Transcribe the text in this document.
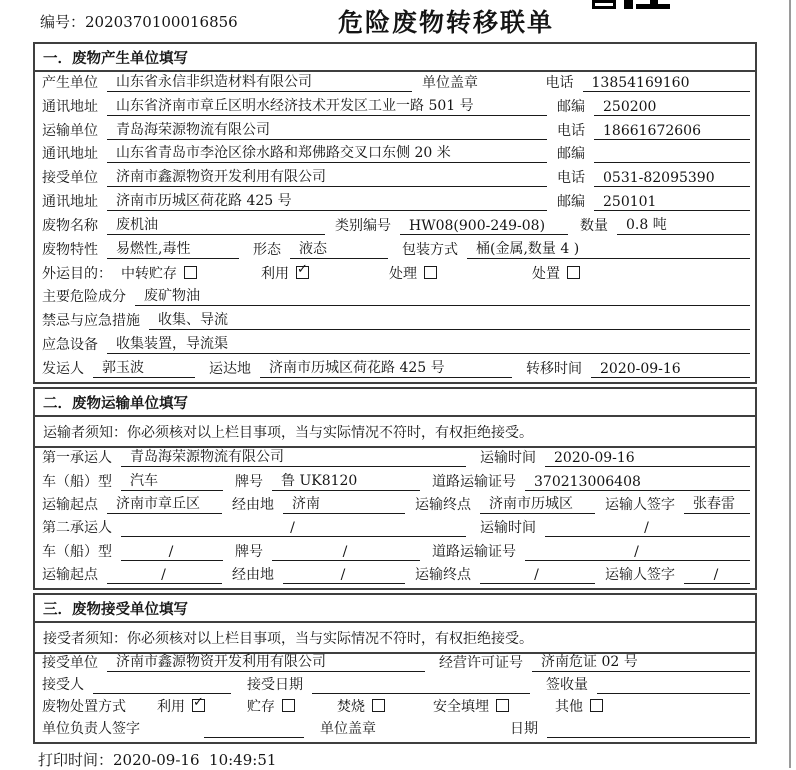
编号：2020370100016856	危险废物转移联单
一．废物产生单位填写
产生单位	山东省永信非织造材料有限公司	单位盖章	电话	13854169160
通讯地址	山东省济南市章丘区明水经济技术开发区工业一路 501 号	邮编	250200
运输单位	青岛海荣源物流有限公司	电话	18661672606
通讯地址	山东省青岛市李沧区徐水路和郑佛路交叉口东侧 20 米	邮编
接受单位	济南市鑫源物资开发利用有限公司	电话	0531-82095390
通讯地址	济南市历城区荷花路 425 号	邮编	250101
废物名称	废机油	类别编号	HW08(900-249-08)	数量	0.8 吨
废物特性	易燃性,毒性	形态	液态	包装方式	桶(金属,数量 4 )
外运目的： 中转贮存	利用 ✓	处理	处置
主要危险成分	废矿物油
禁忌与应急措施	收集、导流
应急设备	收集装置，导流渠
发运人	郭玉波	运达地	济南市历城区荷花路 425 号	转移时间	2020-09-16
二．废物运输单位填写
运输者须知：你必须核对以上栏目事项，当与实际情况不符时，有权拒绝接受。
第一承运人	青岛海荣源物流有限公司	运输时间	2020-09-16
车（船）型	汽车	牌号	鲁 UK8120	道路运输证号	370213006408
运输起点	济南市章丘区	经由地	济南	运输终点	济南市历城区	运输人签字	张春雷
第二承运人	/	运输时间	/
车（船）型	/	牌号	/	道路运输证号	/
运输起点	/	经由地	/	运输终点	/	运输人签字	/
三．废物接受单位填写
接受者须知：你必须核对以上栏目事项，当与实际情况不符时，有权拒绝接受。
接受单位	济南市鑫源物资开发利用有限公司	经营许可证号	济南危证 02 号
接受人	接受日期	签收量
废物处置方式 利用 ✓	贮存	焚烧	安全填埋	其他
单位负责人签字	单位盖章	日期
打印时间：2020-09-16  10:49:51
